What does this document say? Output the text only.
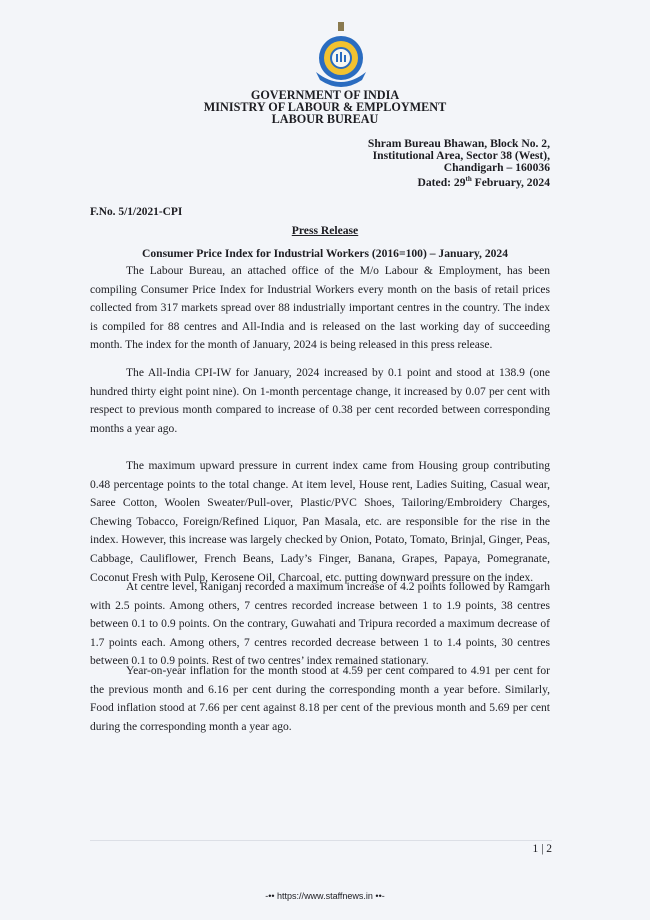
GOVERNMENT OF INDIA
MINISTRY OF LABOUR & EMPLOYMENT
LABOUR BUREAU
Shram Bureau Bhawan, Block No. 2,
Institutional Area, Sector 38 (West),
Chandigarh – 160036
Dated: 29th February, 2024
F.No. 5/1/2021-CPI
Press Release
Consumer Price Index for Industrial Workers (2016=100) – January, 2024

The Labour Bureau, an attached office of the M/o Labour & Employment, has been compiling Consumer Price Index for Industrial Workers every month on the basis of retail prices collected from 317 markets spread over 88 industrially important centres in the country. The index is compiled for 88 centres and All-India and is released on the last working day of succeeding month. The index for the month of January, 2024 is being released in this press release.

The All-India CPI-IW for January, 2024 increased by 0.1 point and stood at 138.9 (one hundred thirty eight point nine). On 1-month percentage change, it increased by 0.07 per cent with respect to previous month compared to increase of 0.38 per cent recorded between corresponding months a year ago.

The maximum upward pressure in current index came from Housing group contributing 0.48 percentage points to the total change. At item level, House rent, Ladies Suiting, Casual wear, Saree Cotton, Woolen Sweater/Pull-over, Plastic/PVC Shoes, Tailoring/Embroidery Charges, Chewing Tobacco, Foreign/Refined Liquor, Pan Masala, etc. are responsible for the rise in the index. However, this increase was largely checked by Onion, Potato, Tomato, Brinjal, Ginger, Peas, Cabbage, Cauliflower, French Beans, Lady’s Finger, Banana, Grapes, Papaya, Pomegranate, Coconut Fresh with Pulp, Kerosene Oil, Charcoal, etc. putting downward pressure on the index.

At centre level, Raniganj recorded a maximum increase of 4.2 points followed by Ramgarh with 2.5 points. Among others, 7 centres recorded increase between 1 to 1.9 points, 38 centres between 0.1 to 0.9 points. On the contrary, Guwahati and Tripura recorded a maximum decrease of 1.7 points each. Among others, 7 centres recorded decrease between 1 to 1.4 points, 30 centres between 0.1 to 0.9 points. Rest of two centres’ index remained stationary.

Year-on-year inflation for the month stood at 4.59 per cent compared to 4.91 per cent for the previous month and 6.16 per cent during the corresponding month a year before. Similarly, Food inflation stood at 7.66 per cent against 8.18 per cent of the previous month and 5.69 per cent during the corresponding month a year ago.

1 | 2
-•• https://www.staffnews.in ••-
